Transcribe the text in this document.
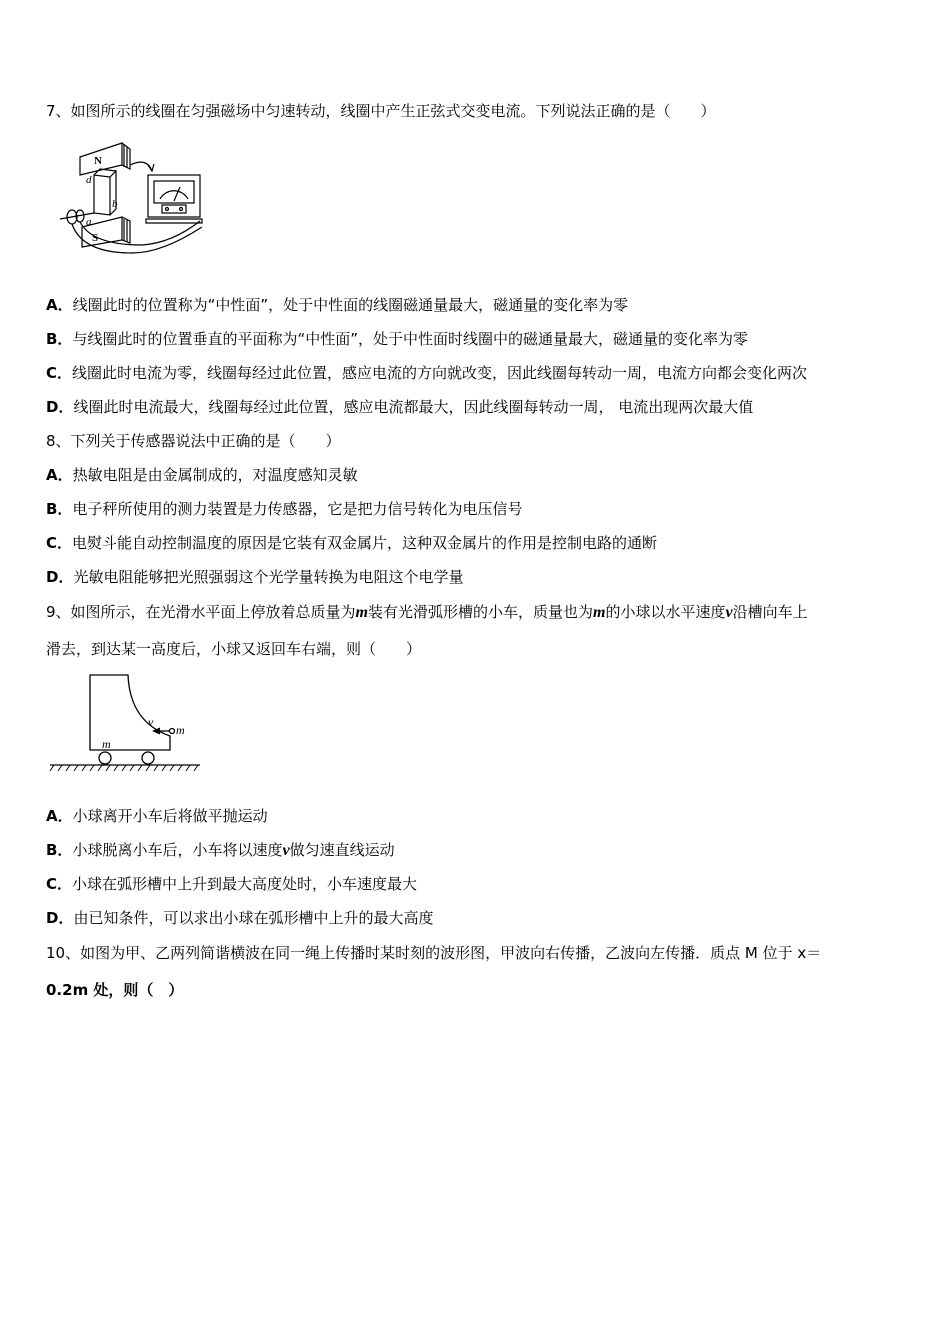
7、如图所示的线圈在匀强磁场中匀速转动，线圈中产生正弦式交变电流。下列说法正确的是（　　）
N
S
d
b
a
A．线圈此时的位置称为“中性面”，处于中性面的线圈磁通量最大，磁通量的变化率为零
B．与线圈此时的位置垂直的平面称为“中性面”，处于中性面时线圈中的磁通量最大，磁通量的变化率为零
C．线圈此时电流为零，线圈每经过此位置，感应电流的方向就改变，因此线圈每转动一周，电流方向都会变化两次
D．线圈此时电流最大，线圈每经过此位置，感应电流都最大，因此线圈每转动一周， 电流出现两次最大值
8、下列关于传感器说法中正确的是（　　）
A．热敏电阻是由金属制成的，对温度感知灵敏
B．电子秤所使用的测力装置是力传感器，它是把力信号转化为电压信号
C．电熨斗能自动控制温度的原因是它装有双金属片，这种双金属片的作用是控制电路的通断
D．光敏电阻能够把光照强弱这个光学量转换为电阻这个电学量
9、如图所示，在光滑水平面上停放着总质量为m装有光滑弧形槽的小车，质量也为m的小球以水平速度v沿槽向车上
滑去，到达某一高度后，小球又返回车右端，则（　　）
v
m
m
A．小球离开小车后将做平抛运动
B．小球脱离小车后，小车将以速度v做匀速直线运动
C．小球在弧形槽中上升到最大高度处时，小车速度最大
D．由已知条件，可以求出小球在弧形槽中上升的最大高度
10、如图为甲、乙两列简谐横波在同一绳上传播时某时刻的波形图，甲波向右传播，乙波向左传播．质点 M 位于 x＝
0.2m 处，则（　）
